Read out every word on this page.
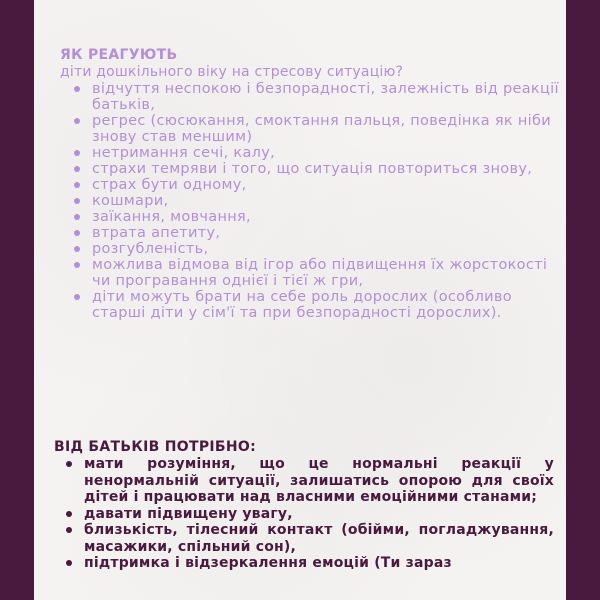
ЯК РЕАГУЮТЬ
діти дошкільного віку на стресову ситуацію?
відчуття неспокою і безпорадності, залежність від реакції батьків,
регрес (сюсюкання, смоктання пальця, поведінка як ніби знову став меншим)
нетримання сечі, калу,
страхи темряви і того, що ситуація повториться знову,
страх бути одному,
кошмари,
заїкання, мовчання,
втрата апетиту,
розгубленість,
можлива відмова від ігор або підвищення їх жорстокості чи програвання однієї і тієї ж гри,
діти можуть брати на себе роль дорослих (особливо старші діти у сім'ї та при безпорадності дорослих).
ВІД БАТЬКІВ ПОТРІБНО:
мати розуміння, що це нормальні реакції у ненормальній ситуації, залишатись опорою для своїх дітей і працювати над власними емоційними станами;
давати підвищену увагу,
близькість, тілесний контакт (обійми, погладжування, масажики, спільний сон),
підтримка і відзеркалення емоцій (Ти зараз
